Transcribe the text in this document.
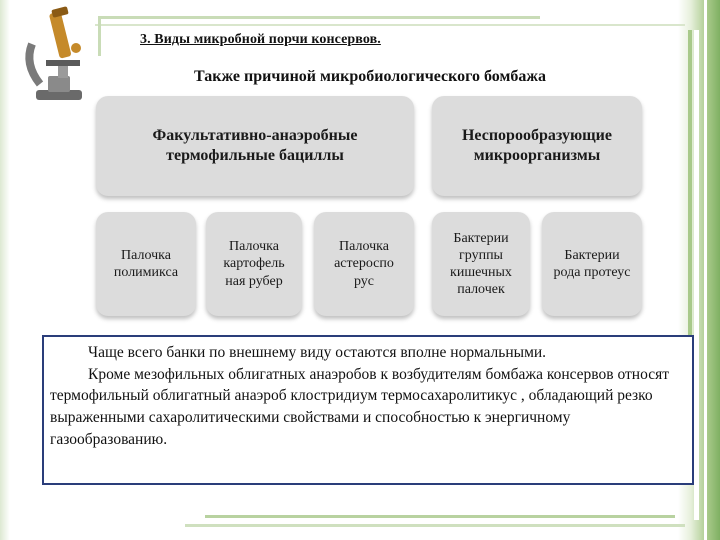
3. Виды микробной порчи консервов.
Также причиной микробиологического бомбажа
Факультативно-анаэробные термофильные бациллы
Неспорообразующие микроорганизмы
Палочка полимикса
Палочка картофель ная рубер
Палочка астероспо рус
Бактерии группы кишечных палочек
Бактерии рода протеус

Чаще всего банки по внешнему виду остаются вполне нормальными.

Кроме мезофильных облигатных анаэробов к возбудителям бомбажа консервов относят термофильный облигатный анаэроб клостридиум термосахаролитикус , обладающий резко выраженными сахаролитическими свойствами и способностью к энергичному газообразованию.
